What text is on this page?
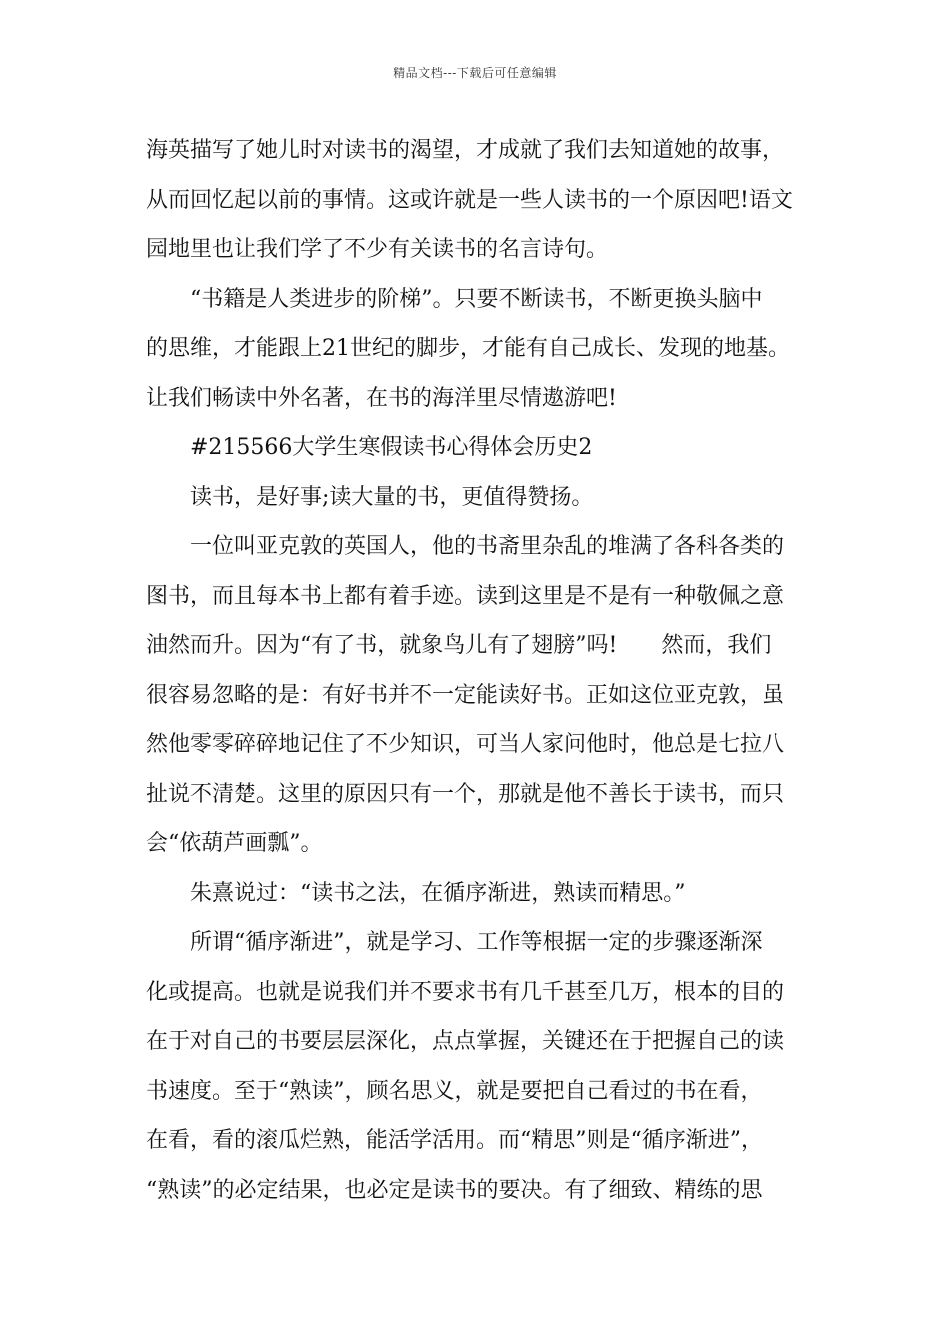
精品文档---下载后可任意编辑
海英描写了她儿时对读书的渴望，才成就了我们去知道她的故事，
从而回忆起以前的事情。这或许就是一些人读书的一个原因吧!语文
园地里也让我们学了不少有关读书的名言诗句。
“书籍是人类进步的阶梯”。只要不断读书，不断更换头脑中
的思维，才能跟上21世纪的脚步，才能有自己成长、发现的地基。
让我们畅读中外名著，在书的海洋里尽情遨游吧!
#215566大学生寒假读书心得体会历史2
读书，是好事;读大量的书，更值得赞扬。
一位叫亚克敦的英国人，他的书斋里杂乱的堆满了各科各类的
图书，而且每本书上都有着手迹。读到这里是不是有一种敬佩之意
油然而升。因为“有了书，就象鸟儿有了翅膀”吗!　　然而，我们
很容易忽略的是：有好书并不一定能读好书。正如这位亚克敦，虽
然他零零碎碎地记住了不少知识，可当人家问他时，他总是七拉八
扯说不清楚。这里的原因只有一个，那就是他不善长于读书，而只
会“依葫芦画瓢”。
朱熹说过：“读书之法，在循序渐进，熟读而精思。”
所谓“循序渐进”，就是学习、工作等根据一定的步骤逐渐深
化或提高。也就是说我们并不要求书有几千甚至几万，根本的目的
在于对自己的书要层层深化，点点掌握，关键还在于把握自己的读
书速度。至于“熟读”，顾名思义，就是要把自己看过的书在看，
在看，看的滚瓜烂熟，能活学活用。而“精思”则是“循序渐进”，
“熟读”的必定结果，也必定是读书的要决。有了细致、精练的思
